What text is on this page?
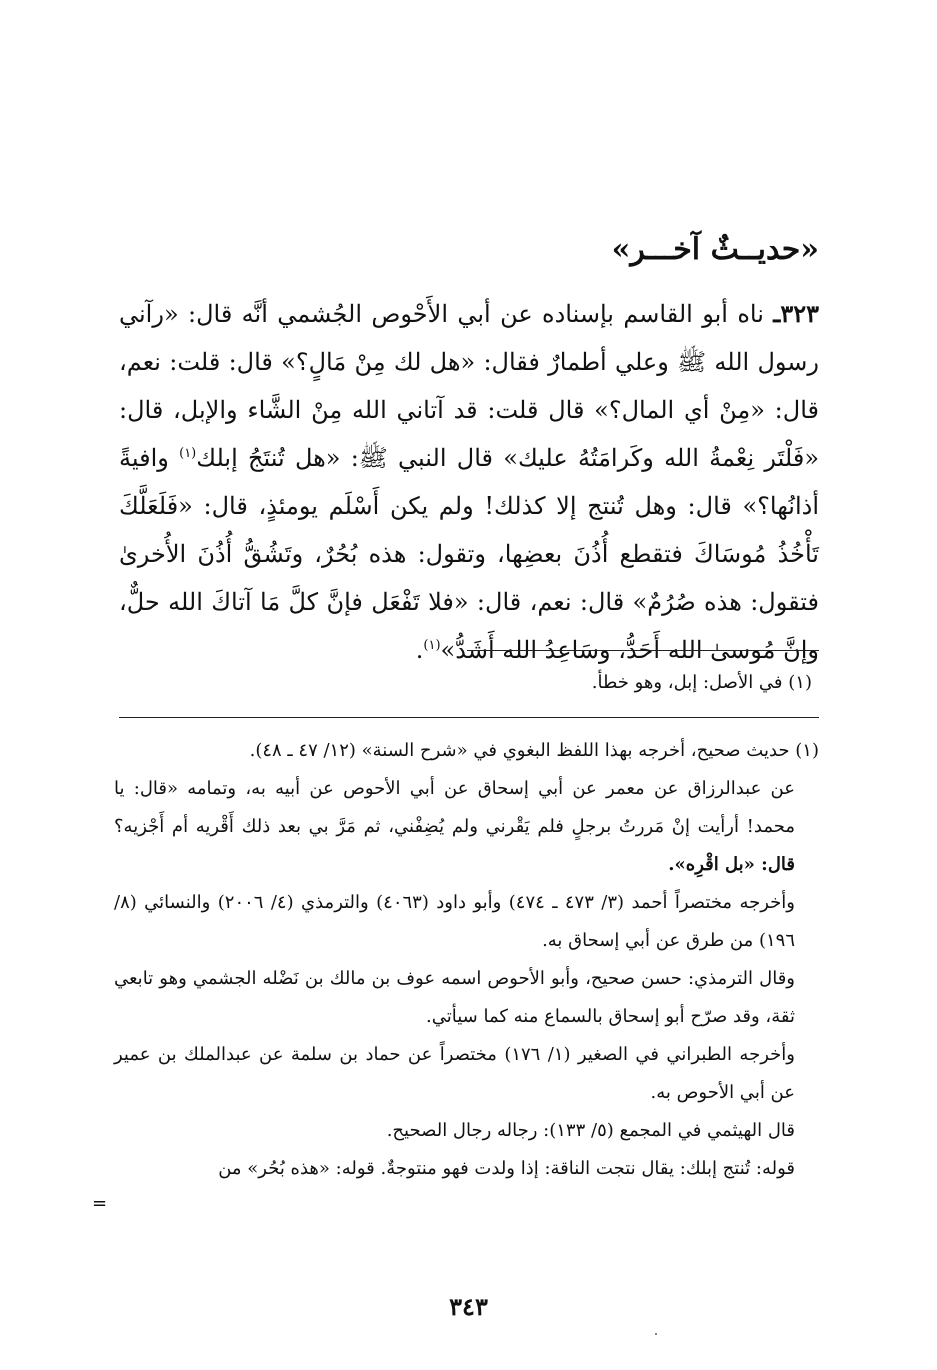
«حديــثٌ آخـــر»

٣٢٣ـ ناه أبو القاسم بإسناده عن أبي الأَحْوص الجُشمي أنَّه قال: «رآني رسول الله ﷺ وعلي أطمارٌ فقال: «هل لك مِنْ مَالٍ؟» قال: قلت: نعم، قال: «مِنْ أي المال؟» قال قلت: قد آتاني الله مِنْ الشَّاء والإبل، قال: «فَلْتَر نِعْمةُ الله وكَرامَتُهُ عليك» قال النبي ﷺ: «هل تُنتَجُ إبلك$^{(١)}$ وافيةً أذانُها؟» قال: وهل تُنتج إلا كذلك! ولم يكن أَسْلَم يومئذٍ، قال: «فَلَعَلَّكَ تَأْخُذُ مُوسَاكَ فتقطع أُذُنَ بعضِها، وتقول: هذه بُحُرٌ، وتَشُقُّ أُذُنَ الأُخرىٰ فتقول: هذه صُرُمٌ» قال: نعم، قال: «فلا تَفْعَل فإنَّ كلَّ مَا آتاكَ الله حلٌّ، وإنَّ مُوسىٰ الله أَحَدُّ، وسَاعِدُ الله أَشَدُّ»$^{(١)}$.

(١) في الأصل: إبل، وهو خطأ.

(١) حديث صحيح، أخرجه بهذا اللفظ البغوي في «شرح السنة» (١٢/ ٤٧ ـ ٤٨).

عن عبدالرزاق عن معمر عن أبي إسحاق عن أبي الأحوص عن أبيه به، وتمامه «قال: يا محمد! أرأيت إنْ مَررتُ برجلٍ فلم يَقْرني ولم يُضِفْني، ثم مَرَّ بي بعد ذلك أَقْريه أم أَجْزيه؟ قال: «بل اقْرِه».

وأخرجه مختصراً أحمد (٣/ ٤٧٣ ـ ٤٧٤) وأبو داود (٤٠٦٣) والترمذي (٤/ ٢٠٠٦) والنسائي (٨/ ١٩٦) من طرق عن أبي إسحاق به.

وقال الترمذي: حسن صحيح، وأبو الأحوص اسمه عوف بن مالك بن نَضْله الجشمي وهو تابعي ثقة، وقد صرّح أبو إسحاق بالسماع منه كما سيأتي.

وأخرجه الطبراني في الصغير (١/ ١٧٦) مختصراً عن حماد بن سلمة عن عبدالملك بن عمير عن أبي الأحوص به.

قال الهيثمي في المجمع (٥/ ١٣٣): رجاله رجال الصحيح.

قوله: تُنتج إبلك: يقال نتجت الناقة: إذا ولدت فهو منتوجةٌ. قوله: «هذه بُحُر» من

=
٣٤٣
